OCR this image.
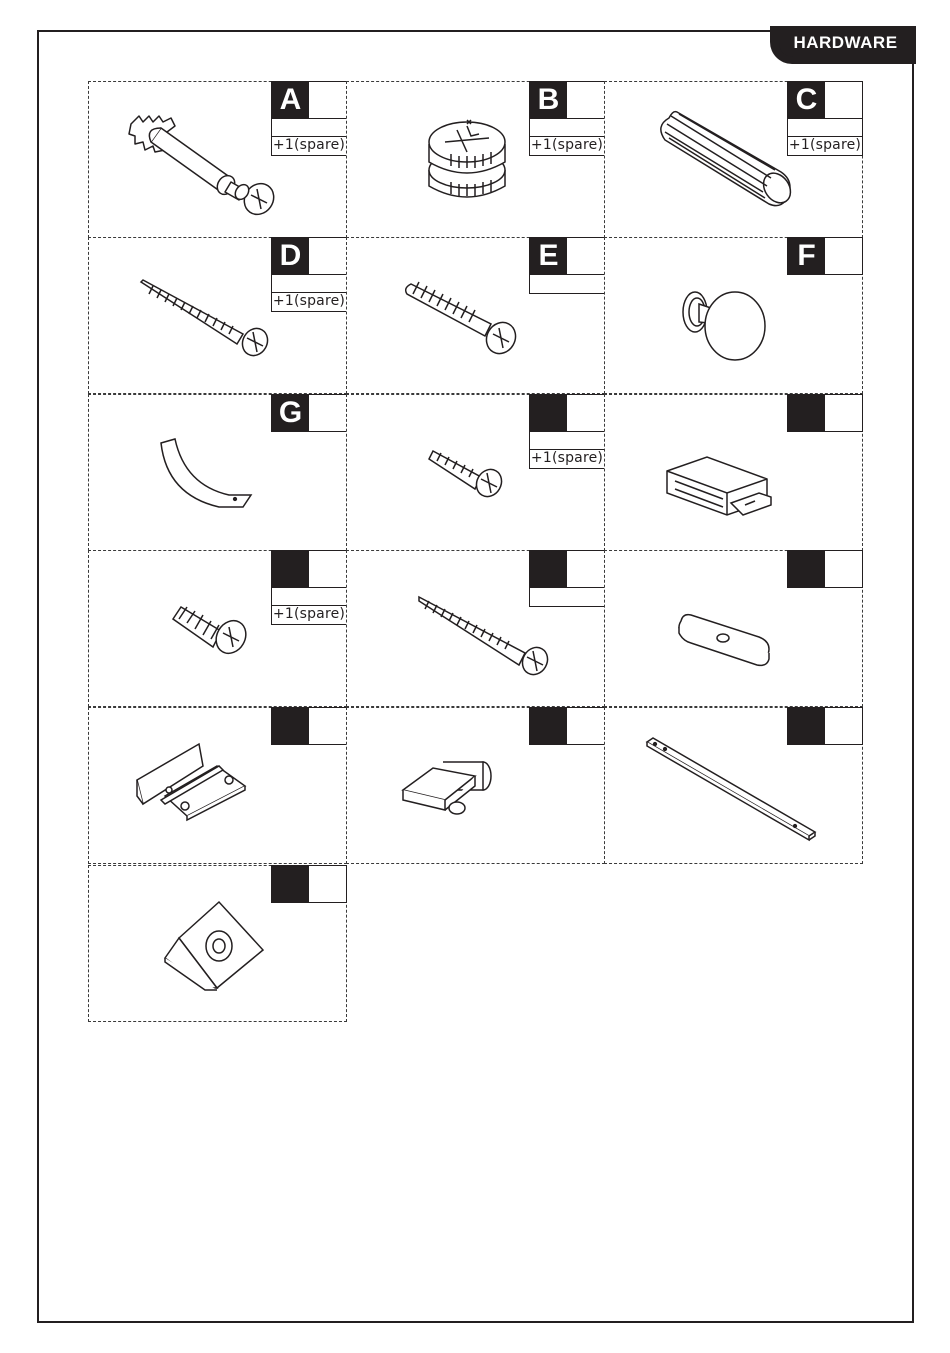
HARDWARE
A
+1(spare)
B
+1(spare)
C
+1(spare)
D
+1(spare)
E	F
G
+1(spare)
+1(spare)
